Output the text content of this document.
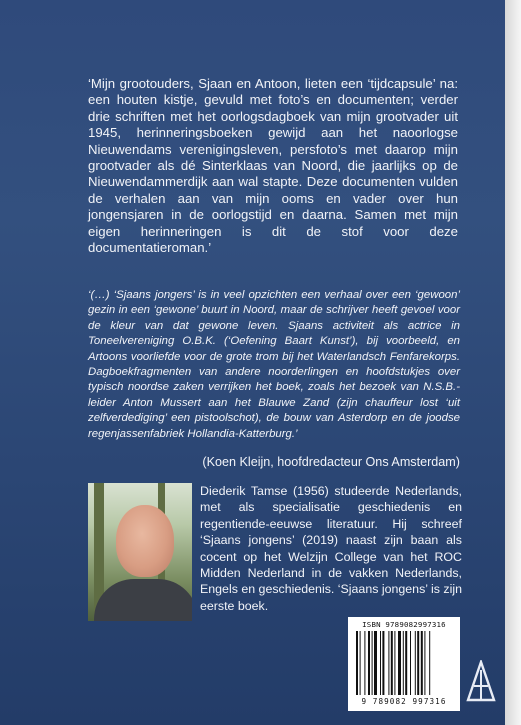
‘Mijn grootouders, Sjaan en Antoon, lieten een ‘tijdcapsule’ na: een houten kistje, gevuld met foto’s en documenten; verder drie schriften met het oorlogsdagboek van mijn grootvader uit 1945, herinneringsboeken gewijd aan het naoorlogse Nieuwendams verenigingsleven, persfoto’s met daarop mijn grootvader als dé Sinterklaas van Noord, die jaarlijks op de Nieuwendammerdijk aan wal stapte. Deze documenten vulden de verhalen aan van mijn ooms en vader over hun jongensjaren in de oorlogstijd en daarna. Samen met mijn eigen herinneringen is dit de stof voor deze documentatieroman.’
‘(…) ‘Sjaans jongers’ is in veel opzichten een verhaal over een ‘gewoon’ gezin in een ‘gewone’ buurt in Noord, maar de schrijver heeft gevoel voor de kleur van dat gewone leven. Sjaans activiteit als actrice in Toneelvereniging O.B.K. (‘Oefening Baart Kunst’), bij voorbeeld, en Artoons voorliefde voor de grote trom bij het Waterlandsch Fenfarekorps. Dagboekfragmenten van andere noorderlingen en hoofdstukjes over typisch noordse zaken verrijken het boek, zoals het bezoek van N.S.B.-leider Anton Mussert aan het Blauwe Zand (zijn chauffeur lost ‘uit zelfverdediging’ een pistoolschot), de bouw van Asterdorp en de joodse regenjassenfabriek Hollandia-Katterburg.’
(Koen Kleijn, hoofdredacteur Ons Amsterdam)
Diederik Tamse (1956) studeerde Nederlands, met als specialisatie geschiedenis en regentiende-eeuwse literatuur. Hij schreef ‘Sjaans jongens’ (2019) naast zijn baan als cocent op het Welzijn College van het ROC Midden Nederland in de vakken Nederlands, Engels en geschiedenis. ‘Sjaans jongens’ is zijn eerste boek.
ISBN 9789082997316
9 789082 997316
